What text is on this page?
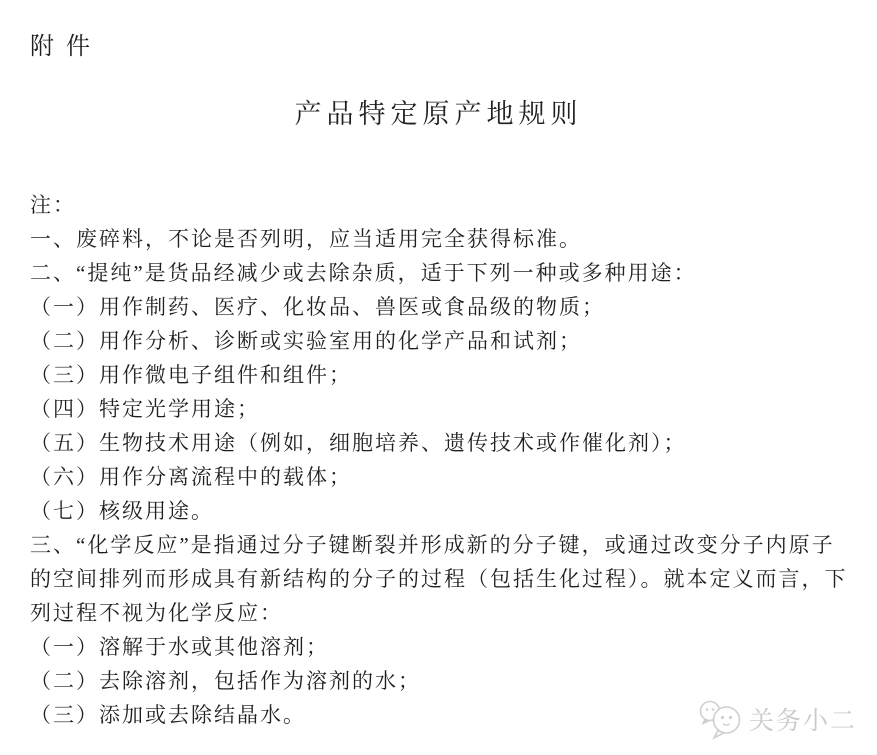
附件
产品特定原产地规则
注：
一、废碎料，不论是否列明，应当适用完全获得标准。
二、“提纯”是货品经减少或去除杂质，适于下列一种或多种用途：
（一）用作制药、医疗、化妆品、兽医或食品级的物质；
（二）用作分析、诊断或实验室用的化学产品和试剂；
（三）用作微电子组件和组件；
（四）特定光学用途；
（五）生物技术用途（例如，细胞培养、遗传技术或作催化剂）；
（六）用作分离流程中的载体；
（七）核级用途。
三、“化学反应”是指通过分子键断裂并形成新的分子键，或通过改变分子内原子
的空间排列而形成具有新结构的分子的过程（包括生化过程）。就本定义而言，下
列过程不视为化学反应：
（一）溶解于水或其他溶剂；
（二）去除溶剂，包括作为溶剂的水；
（三）添加或去除结晶水。	关务小二
